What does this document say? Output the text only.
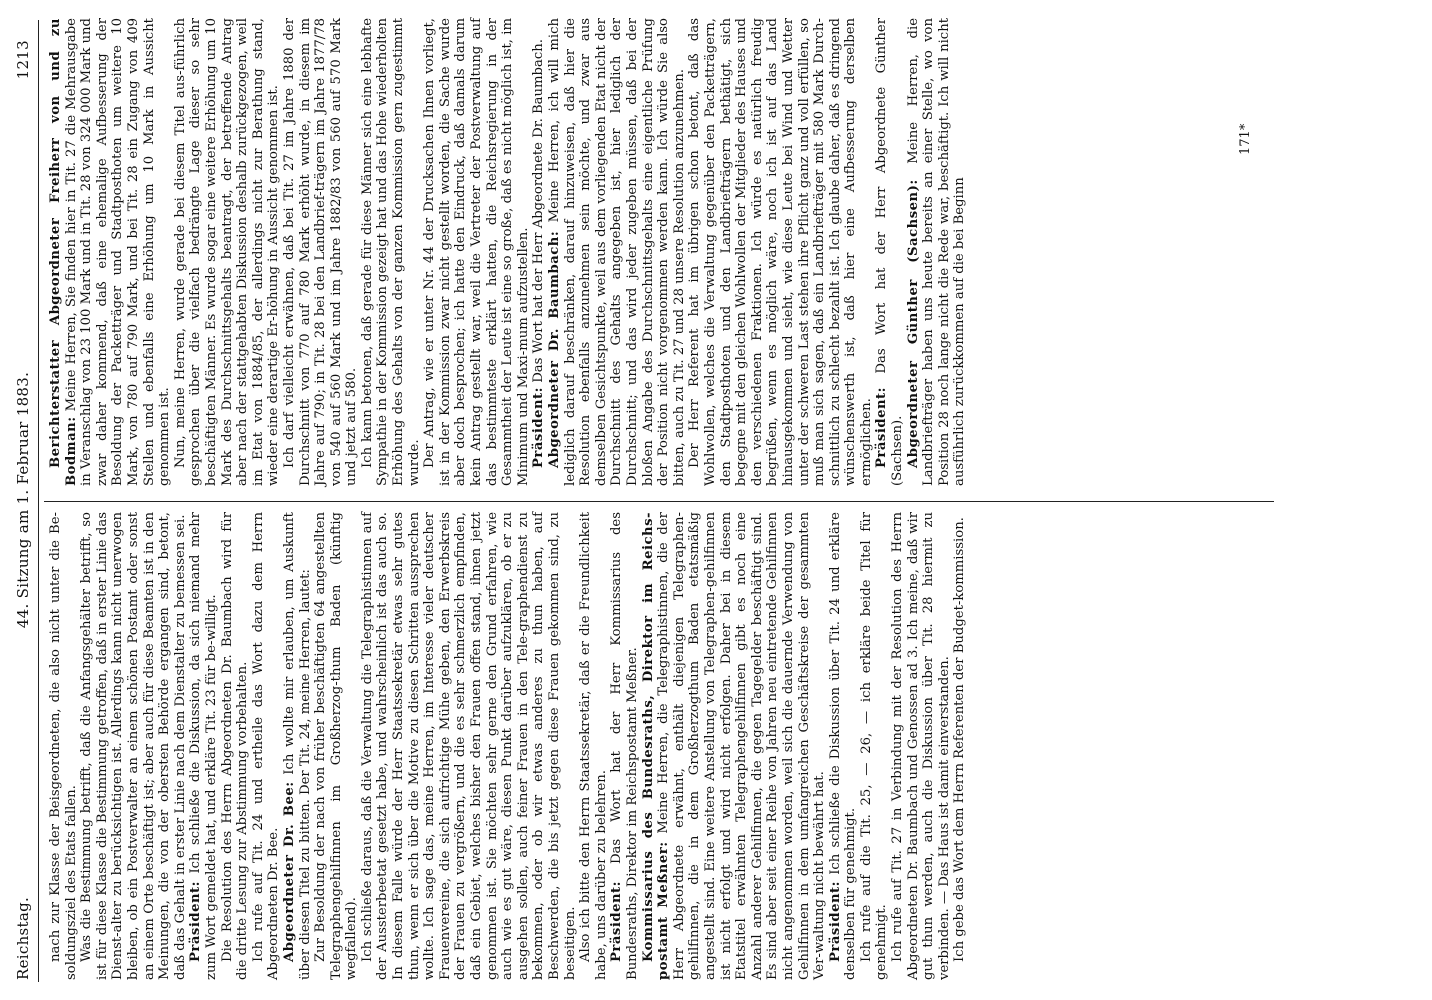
Reichstag.
44. Sitzung am 1. Februar 1883.
1213

nach zur Klasse der Beisgeordneten, die also nicht unter die Be-soldungsziel des Etats fallen. Was die Bestimmung betrifft, daß die Anfangsgehälter betrifft, so ist für diese Klasse die Bestimmung getroffen, daß in erster Linie das Dienst-alter zu berücksichtigen ist. Allerdings kann nicht unerwogen bleiben, ob ein Postverwalter an einem schönen Postamt oder sonst an einem Orte beschäftigt ist; aber auch für diese Beamten ist in den Meinungen, die von der obersten Behörde ergangen sind, betont, daß das Gehalt in erster Linie nach dem Dienstalter zu bemessen sei. Präsident: Ich schließe die Diskussion, da sich niemand mehr zum Wort gemeldet hat, und erkläre Tit. 23 für be-willigt. Die Resolution des Herrn Abgeordneten Dr. Baumbach wird für die dritte Lesung zur Abstimmung vorbehalten. Ich rufe auf Tit. 24 und ertheile das Wort dazu dem Herrn Abgeordneten Dr. Bee. Abgeordneter Dr. Bee: Ich wollte mir erlauben, um Auskunft über diesen Titel zu bitten. Der Tit. 24, meine Herren, lautet: Zur Besoldung der nach von früher beschäftigten 64 angestellten Telegraphengehilfinnen im Großherzog-thum Baden (künftig wegfallend). Ich schließe daraus, daß die Verwaltung die Telegraphistinnen auf der Aussterbeetat gesetzt habe, und wahrscheinlich ist das auch so. In diesem Falle würde der Herr Staatssekretär etwas sehr gutes thun, wenn er sich über die Motive zu diesen Schritten aussprechen wollte. Ich sage das, meine Herren, im Interesse vieler deutscher Frauenvereine, die sich aufrichtige Mühe geben, den Erwerbskreis der Frauen zu vergrößern, und die es sehr schmerzlich empfinden, daß ein Gebiet, welches bisher den Frauen offen stand, ihnen jetzt genommen ist. Sie möchten sehr gerne den Grund erfahren, wie auch wie es gut wäre, diesen Punkt darüber aufzuklären, ob er zu ausgehen sollen, auch feiner Frauen in den Tele-graphendienst zu bekommen, oder ob wir etwas anderes zu thun haben, auf Beschwerden, die bis jetzt gegen diese Frauen gekommen sind, zu beseitigen. Also ich bitte den Herrn Staatssekretär, daß er die Freundlichkeit habe, uns darüber zu belehren. Präsident: Das Wort hat der Herr Kommissarius des Bundesraths, Direktor im Reichspostamt Meßner. Kommissarius des Bundesraths, Direktor im Reichs-postamt Meßner: Meine Herren, die Telegraphistinnen, die der Herr Abgeordnete erwähnt, enthält diejenigen Telegraphen-gehilfinnen, die in dem Großherzogthum Baden etatsmäßig angestellt sind. Eine weitere Anstellung von Telegraphen-gehilfinnen ist nicht erfolgt und wird nicht erfolgen. Daher bei in diesem Etatstitel erwähnten Telegraphengehilfinnen gibt es noch eine Anzahl anderer Gehilfinnen, die gegen Tagegelder beschäftigt sind. Es sind aber seit einer Reihe von Jahren neu eintretende Gehilfinnen nicht angenommen worden, weil sich die dauernde Verwendung von Gehilfinnen in dem umfangreichen Geschäftskreise der gesammten Ver-waltung nicht bewährt hat. Präsident: Ich schließe die Diskussion über Tit. 24 und erkläre denselben für genehmigt. Ich rufe auf die Tit. 25, — 26, — ich erkläre beide Titel für genehmigt. Ich rufe auf Tit. 27 in Verbindung mit der Resolution des Herrn Abgeordneten Dr. Baumbach und Genossen ad 3. Ich meine, daß wir gut thun werden, auch die Diskussion über Tit. 28 hiermit zu verbinden. — Das Haus ist damit einverstanden. Ich gebe das Wort dem Herrn Referenten der Budget-kommission.

Berichterstatter Abgeordneter Freiherr von und zu Bodman: Meine Herren, Sie finden hier in Tit. 27 die Mehrausgabe in Veranschlag von 23 100 Mark und in Tit. 28 von 324 000 Mark und zwar daher kommend, daß eine ehemalige Aufbesserung der Besoldung der Packetträger und Stadtposthoten um weitere 10 Mark, von 780 auf 790 Mark, und bei Tit. 28 ein Zugang von 409 Stellen und ebenfalls eine Erhöhung um 10 Mark in Aussicht genommen ist. Nun, meine Herren, wurde gerade bei diesem Titel aus-führlich gesprochen über die vielfach bedrängte Lage dieser so sehr beschäftigten Männer. Es wurde sogar eine weitere Erhöhung um 10 Mark des Durchschnittsgehalts beantragt, der betreffende Antrag aber nach der stattgehabten Diskussion deshalb zurückgezogen, weil im Etat von 1884/85, der allerdings nicht zur Berathung stand, wieder eine derartige Er-höhung in Aussicht genommen ist. Ich darf vielleicht erwähnen, daß bei Tit. 27 im Jahre 1880 der Durchschnitt von 770 auf 780 Mark erhöht wurde, in diesem im Jahre auf 790; in Tit. 28 bei den Landbrief-trägern im Jahre 1877/78 von 540 auf 560 Mark und im Jahre 1882/83 von 560 auf 570 Mark und jetzt auf 580. Ich kann betonen, daß gerade für diese Männer sich eine lebhafte Sympathie in der Kommission gezeigt hat und das Hohe wiederholten Erhöhung des Gehalts von der ganzen Kommission gern zugestimmt wurde. Der Antrag, wie er unter Nr. 44 der Drucksachen Ihnen vorliegt, ist in der Kommission zwar nicht gestellt worden, die Sache wurde aber doch besprochen; ich hatte den Eindruck, daß damals darum kein Antrag gestellt war, weil die Vertreter der Postverwaltung auf das bestimmteste erklärt hatten, die Reichsregierung in der Gesammtheit der Leute ist eine so große, daß es nicht möglich ist, im Minimum und Maxi-mum aufzustellen. Präsident: Das Wort hat der Herr Abgeordnete Dr. Baumbach. Abgeordneter Dr. Baumbach: Meine Herren, ich will mich lediglich darauf beschränken, darauf hinzuweisen, daß hier die Resolution ebenfalls anzunehmen sein möchte, und zwar aus demselben Gesichtspunkte, weil aus dem vorliegenden Etat nicht der Durchschnitt des Gehalts angegeben ist, hier lediglich der Durchschnitt; und das wird jeder zugeben müssen, daß bei der bloßen Angabe des Durchschnittsgehalts eine eigentliche Prüfung der Position nicht vorgenommen werden kann. Ich würde Sie also bitten, auch zu Tit. 27 und 28 unsere Resolution anzunehmen. Der Herr Referent hat im übrigen schon betont, daß das Wohlwollen, welches die Verwaltung gegenüber den Packetträgern, den Stadtposthoten und den Landbriefträgern bethätigt, sich begegne mit den gleichen Wohlwollen der Mitglieder des Hauses und den verschiedenen Fraktionen. Ich würde es natürlich freudig begrüßen, wenn es möglich wäre, noch ich ist auf das Land hinausgekommen und sieht, wie diese Leute bei Wind und Wetter unter der schweren Last stehen ihre Pflicht ganz und voll erfüllen, so muß man sich sagen, daß ein Landbriefträger mit 580 Mark Durch-schnittlich zu schlecht bezahlt ist. Ich glaube daher, daß es dringend wünschenswerth ist, daß hier eine Aufbesserung derselben ermöglichen. Präsident: Das Wort hat der Herr Abgeordnete Günther (Sachsen). Abgeordneter Günther (Sachsen): Meine Herren, die Landbriefträger haben uns heute bereits an einer Stelle, wo von Position 28 noch lange nicht die Rede war, beschäftigt. Ich will nicht ausführlich zurückkommen auf die bei Beginn

171*
